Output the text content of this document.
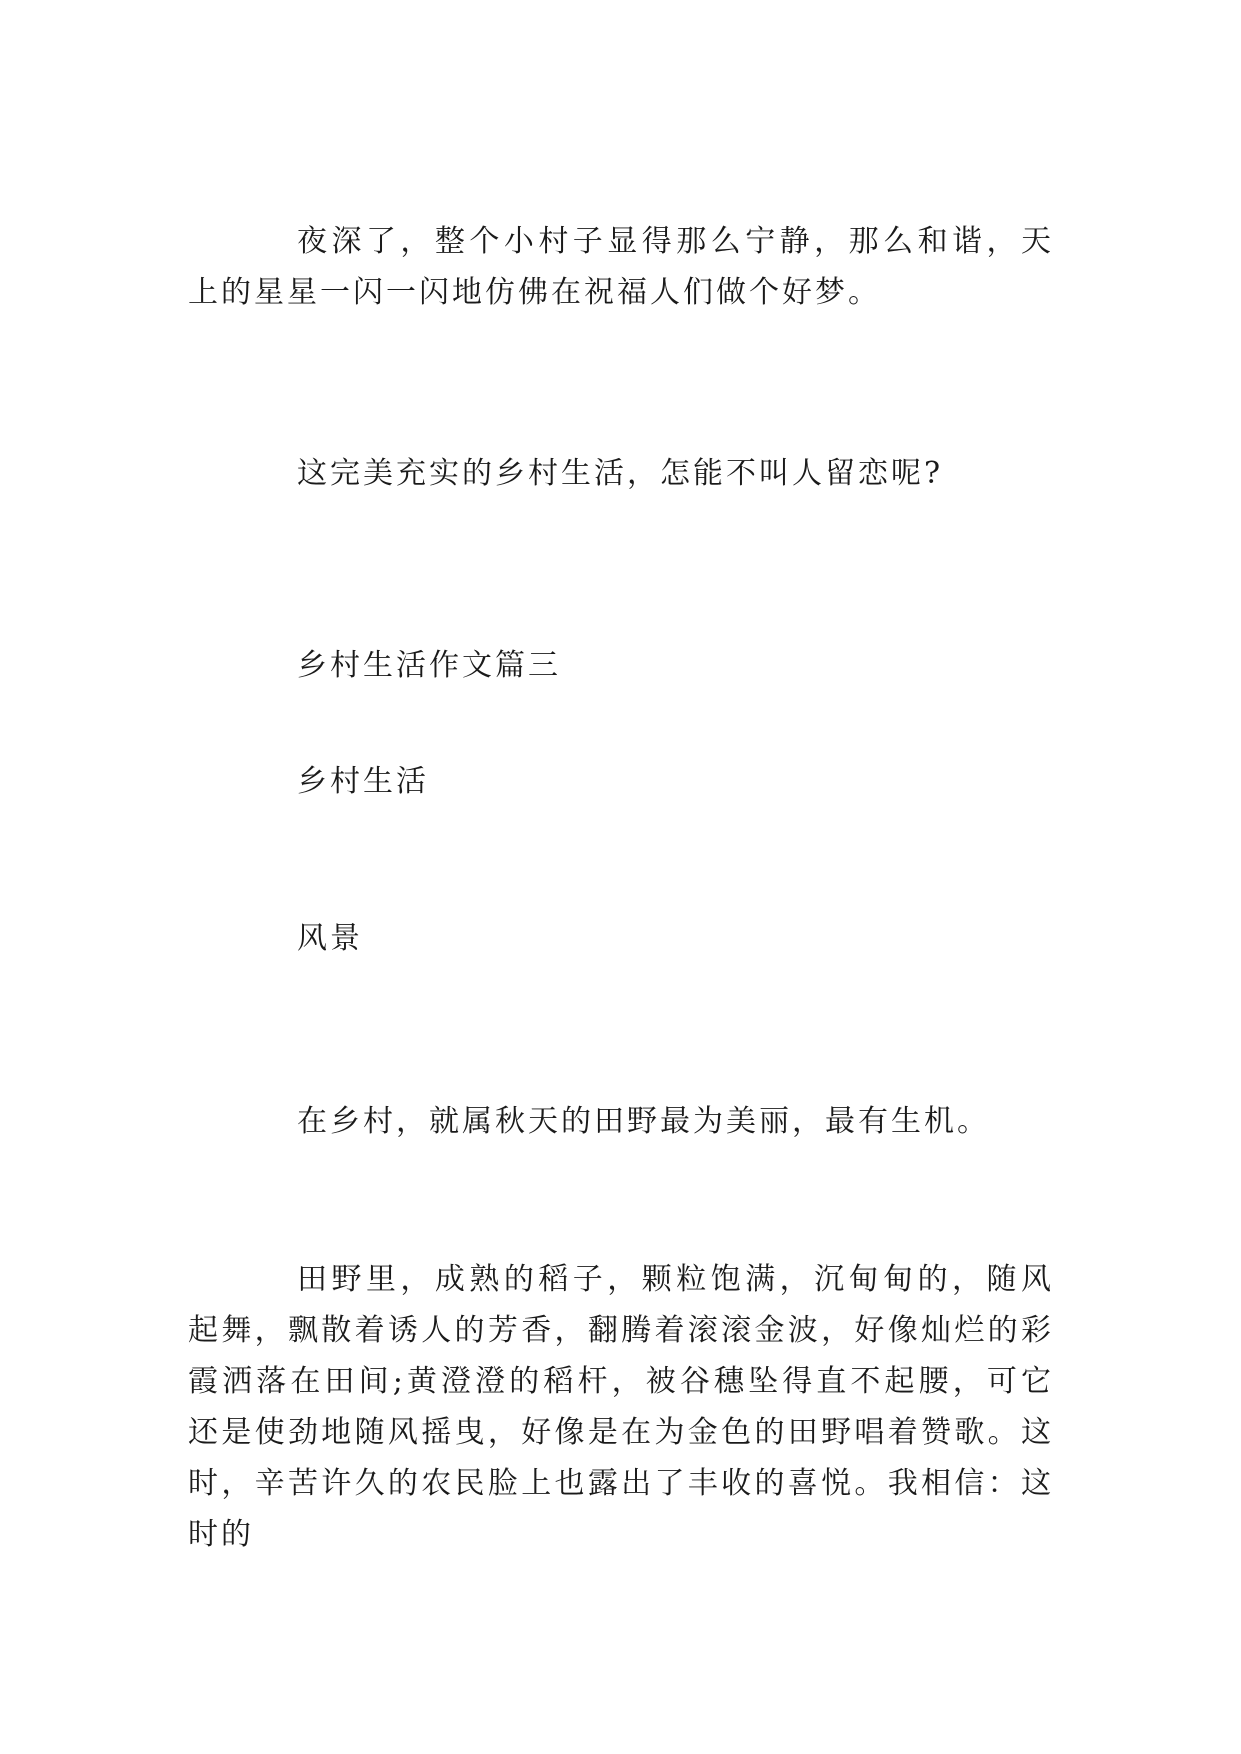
夜深了，整个小村子显得那么宁静，那么和谐，天上的星星一闪一闪地仿佛在祝福人们做个好梦。

这完美充实的乡村生活，怎能不叫人留恋呢?

乡村生活作文篇三

乡村生活

风景

在乡村，就属秋天的田野最为美丽，最有生机。

田野里，成熟的稻子，颗粒饱满，沉甸甸的，随风起舞，飘散着诱人的芳香，翻腾着滚滚金波，好像灿烂的彩霞洒落在田间;黄澄澄的稻杆，被谷穗坠得直不起腰，可它还是使劲地随风摇曳，好像是在为金色的田野唱着赞歌。这时，辛苦许久的农民脸上也露出了丰收的喜悦。我相信：这时的
